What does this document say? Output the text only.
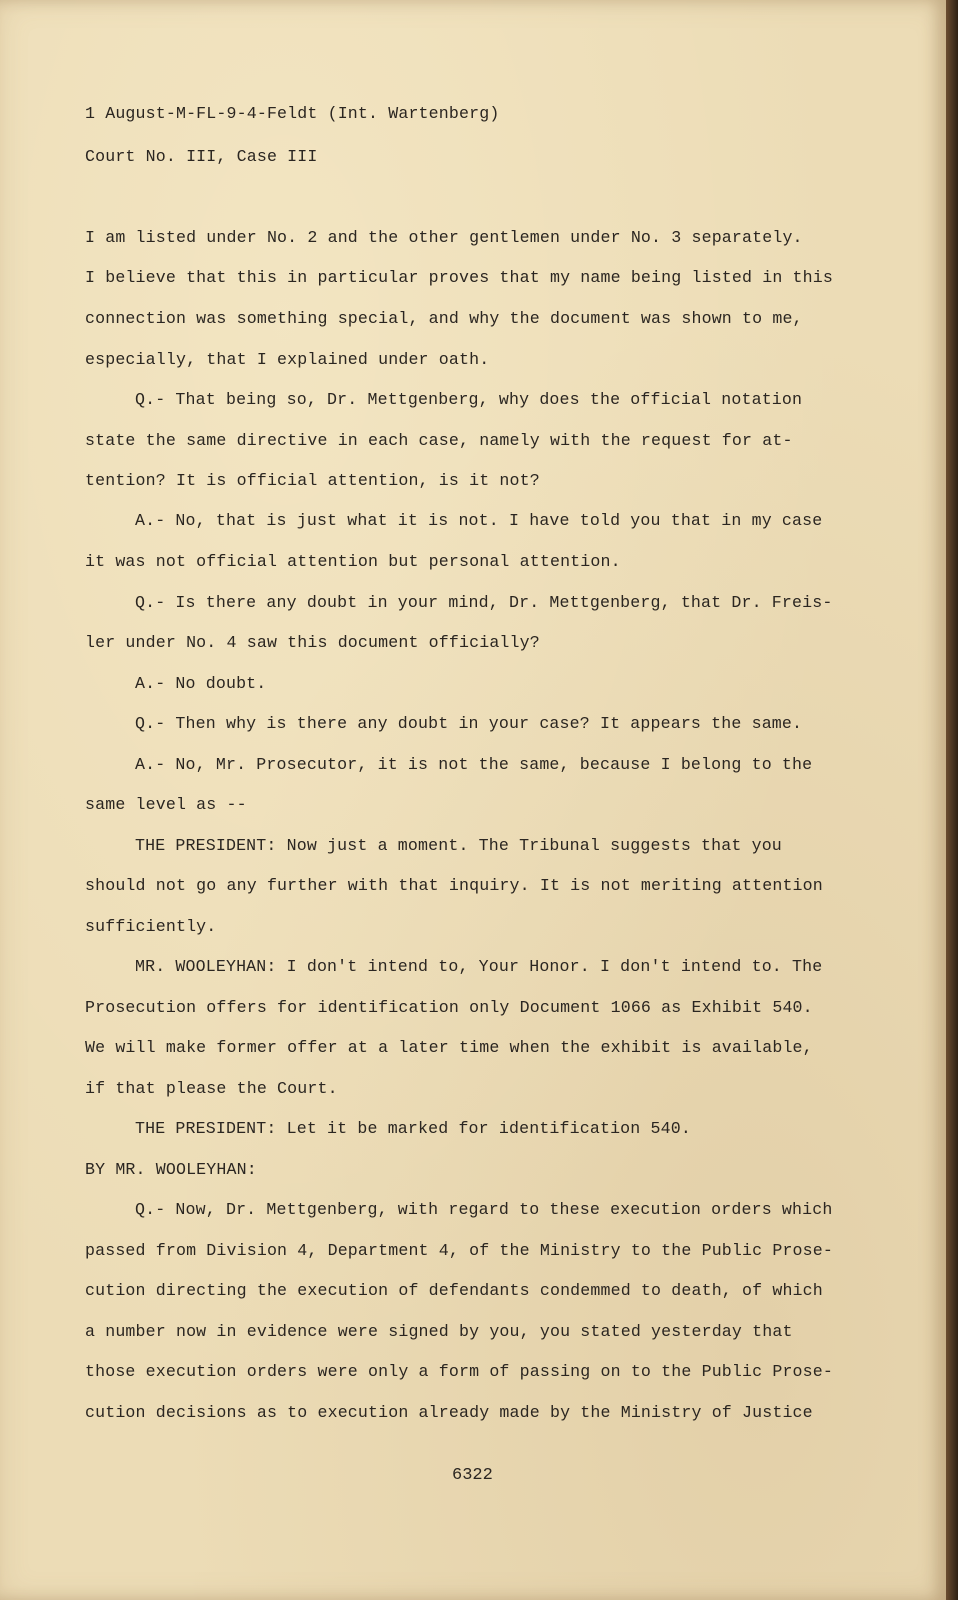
1 August-M-FL-9-4-Feldt (Int. Wartenberg)
Court No. III, Case III
I am listed under No. 2 and the other gentlemen under No. 3 separately.
I believe that this in particular proves that my name being listed in this
connection was something special, and why the document was shown to me,
especially, that I explained under oath.
Q.- That being so, Dr. Mettgenberg, why does the official notation
state the same directive in each case, namely with the request for at-
tention? It is official attention, is it not?
A.- No, that is just what it is not. I have told you that in my case
it was not official attention but personal attention.
Q.- Is there any doubt in your mind, Dr. Mettgenberg, that Dr. Freis-
ler under No. 4 saw this document officially?
A.- No doubt.
Q.- Then why is there any doubt in your case? It appears the same.
A.- No, Mr. Prosecutor, it is not the same, because I belong to the
same level as --
THE PRESIDENT: Now just a moment. The Tribunal suggests that you
should not go any further with that inquiry. It is not meriting attention
sufficiently.
MR. WOOLEYHAN: I don't intend to, Your Honor. I don't intend to. The
Prosecution offers for identification only Document 1066 as Exhibit 540.
We will make former offer at a later time when the exhibit is available,
if that please the Court.
THE PRESIDENT: Let it be marked for identification 540.
BY MR. WOOLEYHAN:
Q.- Now, Dr. Mettgenberg, with regard to these execution orders which
passed from Division 4, Department 4, of the Ministry to the Public Prose-
cution directing the execution of defendants condemmed to death, of which
a number now in evidence were signed by you, you stated yesterday that
those execution orders were only a form of passing on to the Public Prose-
cution decisions as to execution already made by the Ministry of Justice
6322
